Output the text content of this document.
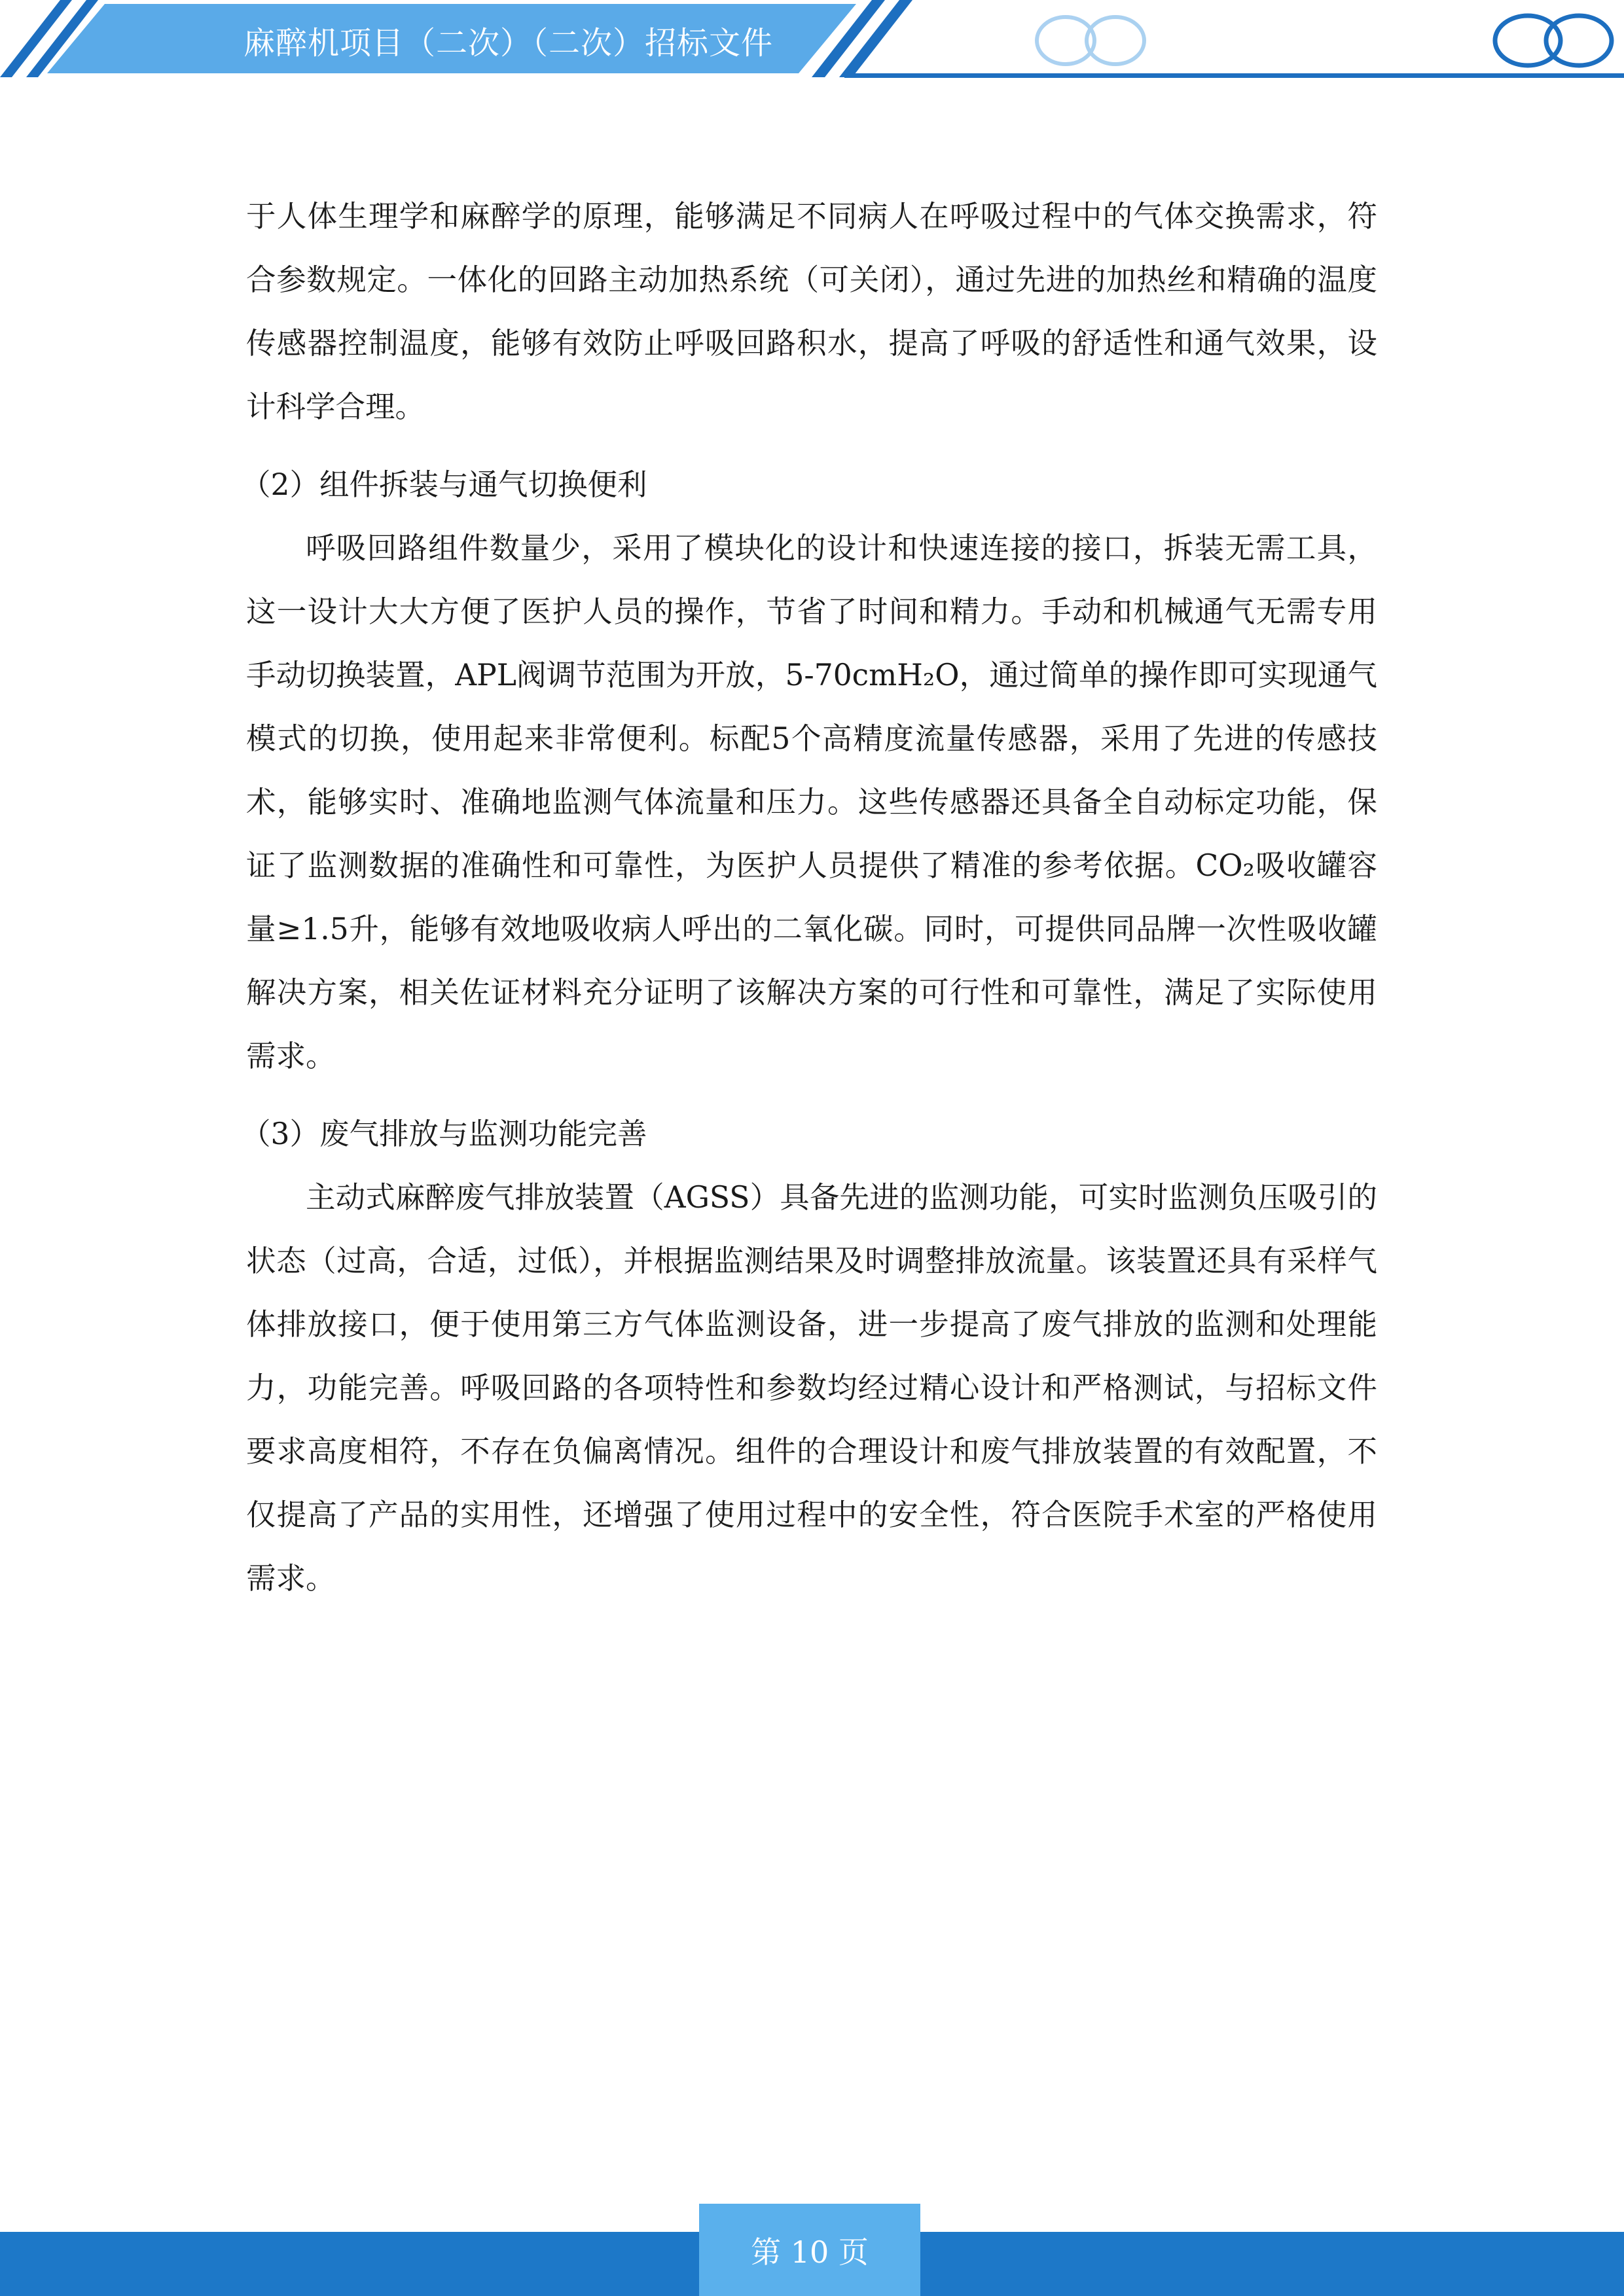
麻醉机项目（二次）（二次）招标文件

于人体生理学和麻醉学的原理，能够满足不同病人在呼吸过程中的气体交换需求，符合参数规定。一体化的回路主动加热系统（可关闭），通过先进的加热丝和精确的温度传感器控制温度，能够有效防止呼吸回路积水，提高了呼吸的舒适性和通气效果，设计科学合理。

（2）组件拆装与通气切换便利

呼吸回路组件数量少，采用了模块化的设计和快速连接的接口，拆装无需工具，这一设计大大方便了医护人员的操作，节省了时间和精力。手动和机械通气无需专用手动切换装置，APL阀调节范围为开放，5-70cmH₂O，通过简单的操作即可实现通气模式的切换，使用起来非常便利。标配5个高精度流量传感器，采用了先进的传感技术，能够实时、准确地监测气体流量和压力。这些传感器还具备全自动标定功能，保证了监测数据的准确性和可靠性，为医护人员提供了精准的参考依据。CO₂吸收罐容量≥1.5升，能够有效地吸收病人呼出的二氧化碳。同时，可提供同品牌一次性吸收罐解决方案，相关佐证材料充分证明了该解决方案的可行性和可靠性，满足了实际使用需求。

（3）废气排放与监测功能完善

主动式麻醉废气排放装置（AGSS）具备先进的监测功能，可实时监测负压吸引的状态（过高，合适，过低），并根据监测结果及时调整排放流量。该装置还具有采样气体排放接口，便于使用第三方气体监测设备，进一步提高了废气排放的监测和处理能力，功能完善。呼吸回路的各项特性和参数均经过精心设计和严格测试，与招标文件要求高度相符，不存在负偏离情况。组件的合理设计和废气排放装置的有效配置，不仅提高了产品的实用性，还增强了使用过程中的安全性，符合医院手术室的严格使用需求。

第 10 页
